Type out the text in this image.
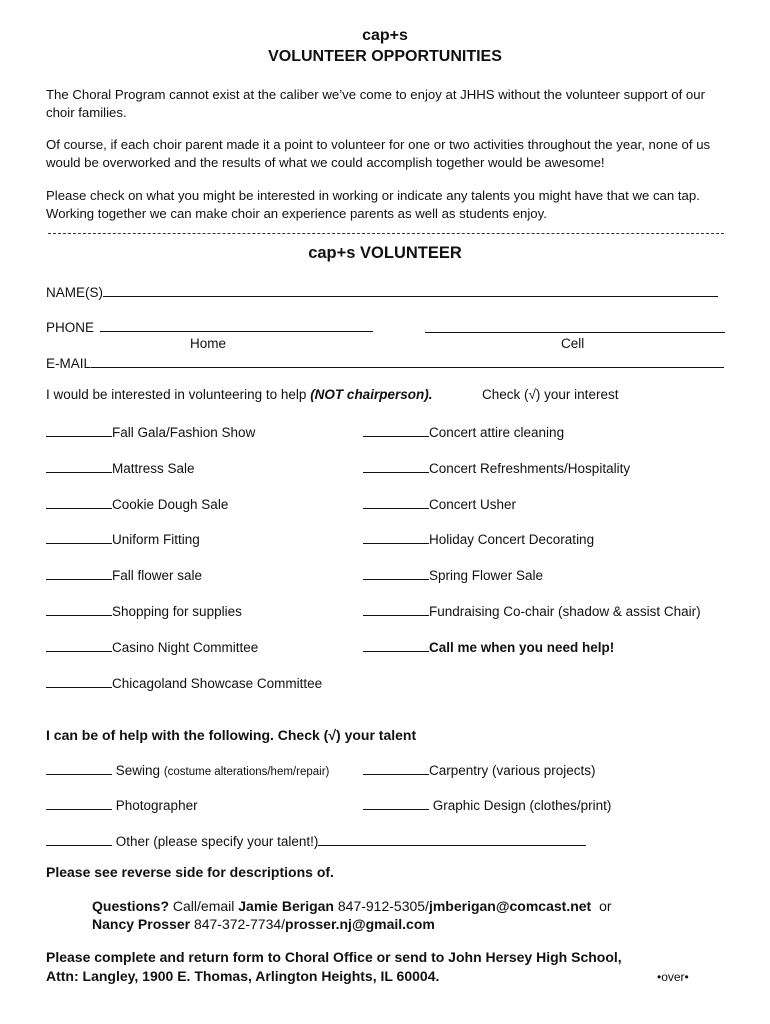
cap+s
VOLUNTEER OPPORTUNITIES
The Choral Program cannot exist at the caliber we’ve come to enjoy at JHHS without the volunteer support of our choir families.
Of course, if each choir parent made it a point to volunteer for one or two activities throughout the year, none of us would be overworked and the results of what we could accomplish together would be awesome!
Please check on what you might be interested in working or indicate any talents you might have that we can tap. Working together we can make choir an experience parents as well as students enjoy.
cap+s VOLUNTEER
NAME(S)
PHONE
Home	Cell
E-MAIL
I would be interested in volunteering to help (NOT chairperson).	Check (√) your interest
Fall Gala/Fashion Show
Mattress Sale
Cookie Dough Sale
Uniform Fitting
Fall flower sale
Shopping for supplies
Casino Night Committee
Chicagoland Showcase Committee
Concert attire cleaning
Concert Refreshments/Hospitality
Concert Usher
Holiday Concert Decorating
Spring Flower Sale
Fundraising Co-chair (shadow & assist Chair)
Call me when you need help!
I can be of help with the following. Check (√) your talent
Sewing (costume alterations/hem/repair)	Carpentry (various projects)
Photographer	Graphic Design (clothes/print)
Other (please specify your talent!)
Please see reverse side for descriptions of.
Questions? Call/email Jamie Berigan 847-912-5305/jmberigan@comcast.net or
Nancy Prosser 847-372-7734/prosser.nj@gmail.com
Please complete and return form to Choral Office or send to John Hersey High School,
Attn: Langley, 1900 E. Thomas, Arlington Heights, IL 60004.	•over•
